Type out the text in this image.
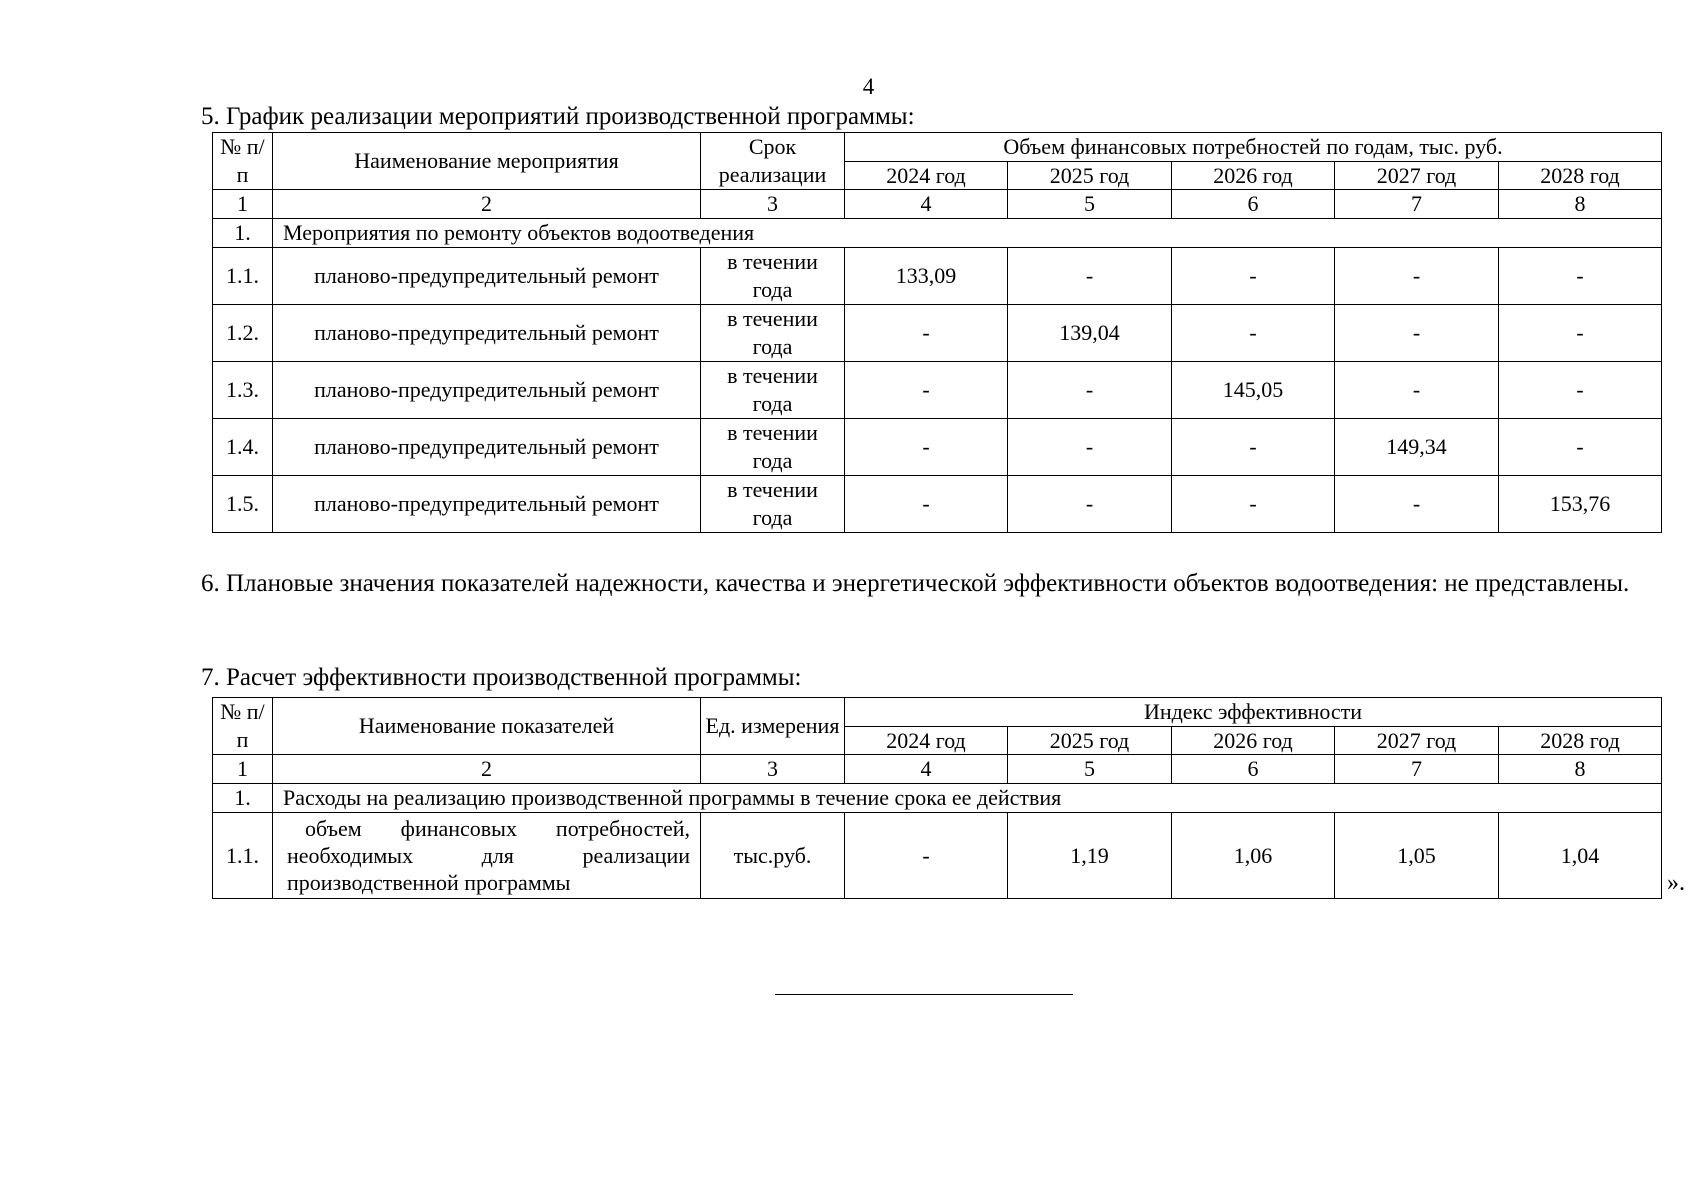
4
5. График реализации мероприятий производственной программы:
№ п/п	Наименование мероприятия	Срок реализации	Объем финансовых потребностей по годам, тыс. руб.				
			2024 год	2025 год	2026 год	2027 год	2028 год
1	2	3	4	5	6	7	8
1.	Мероприятия по ремонту объектов водоотведения						
1.1.	планово-предупредительный ремонт	в течении года	133,09	-	-	-	-
1.2.	планово-предупредительный ремонт	в течении года	-	139,04	-	-	-
1.3.	планово-предупредительный ремонт	в течении года	-	-	145,05	-	-
1.4.	планово-предупредительный ремонт	в течении года	-	-	-	149,34	-
1.5.	планово-предупредительный ремонт	в течении года	-	-	-	-	153,76
6. Плановые значения показателей надежности, качества и энергетической эффективности объектов водоотведения: не представлены.
7. Расчет эффективности производственной программы:
№ п/п	Наименование показателей	Ед. измерения	Индекс эффективности				
			2024 год	2025 год	2026 год	2027 год	2028 год
1	2	3	4	5	6	7	8
1.	Расходы на реализацию производственной программы в течение срока ее действия						
1.1.	объем финансовых потребностей,
необходимых для реализации
производственной программы	тыс.руб.	-	1,19	1,06	1,05	1,04
».
